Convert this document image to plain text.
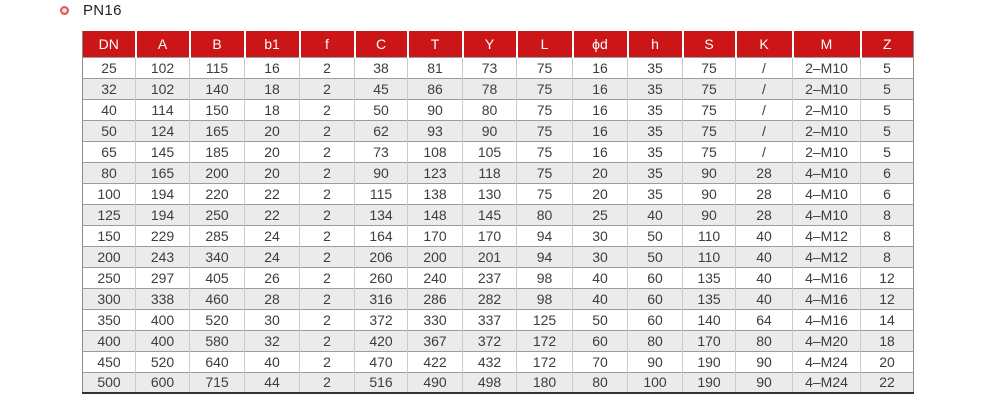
PN16
DN	A	B	b1	f	C	T	Y	L	ϕd	h	S	K	M	Z
25	102	115	16	2	38	81	73	75	16	35	75	/	2–M10	5
32	102	140	18	2	45	86	78	75	16	35	75	/	2–M10	5
40	114	150	18	2	50	90	80	75	16	35	75	/	2–M10	5
50	124	165	20	2	62	93	90	75	16	35	75	/	2–M10	5
65	145	185	20	2	73	108	105	75	16	35	75	/	2–M10	5
80	165	200	20	2	90	123	118	75	20	35	90	28	4–M10	6
100	194	220	22	2	115	138	130	75	20	35	90	28	4–M10	6
125	194	250	22	2	134	148	145	80	25	40	90	28	4–M10	8
150	229	285	24	2	164	170	170	94	30	50	110	40	4–M12	8
200	243	340	24	2	206	200	201	94	30	50	110	40	4–M12	8
250	297	405	26	2	260	240	237	98	40	60	135	40	4–M16	12
300	338	460	28	2	316	286	282	98	40	60	135	40	4–M16	12
350	400	520	30	2	372	330	337	125	50	60	140	64	4–M16	14
400	400	580	32	2	420	367	372	172	60	80	170	80	4–M20	18
450	520	640	40	2	470	422	432	172	70	90	190	90	4–M24	20
500	600	715	44	2	516	490	498	180	80	100	190	90	4–M24	22
